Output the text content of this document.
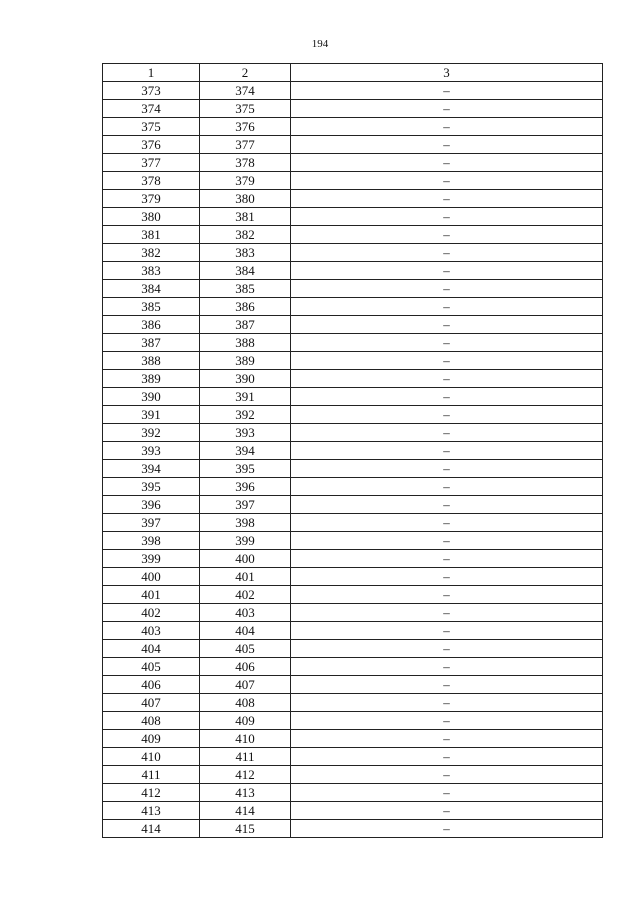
194
1	2	3
373	374	–
374	375	–
375	376	–
376	377	–
377	378	–
378	379	–
379	380	–
380	381	–
381	382	–
382	383	–
383	384	–
384	385	–
385	386	–
386	387	–
387	388	–
388	389	–
389	390	–
390	391	–
391	392	–
392	393	–
393	394	–
394	395	–
395	396	–
396	397	–
397	398	–
398	399	–
399	400	–
400	401	–
401	402	–
402	403	–
403	404	–
404	405	–
405	406	–
406	407	–
407	408	–
408	409	–
409	410	–
410	411	–
411	412	–
412	413	–
413	414	–
414	415	–
